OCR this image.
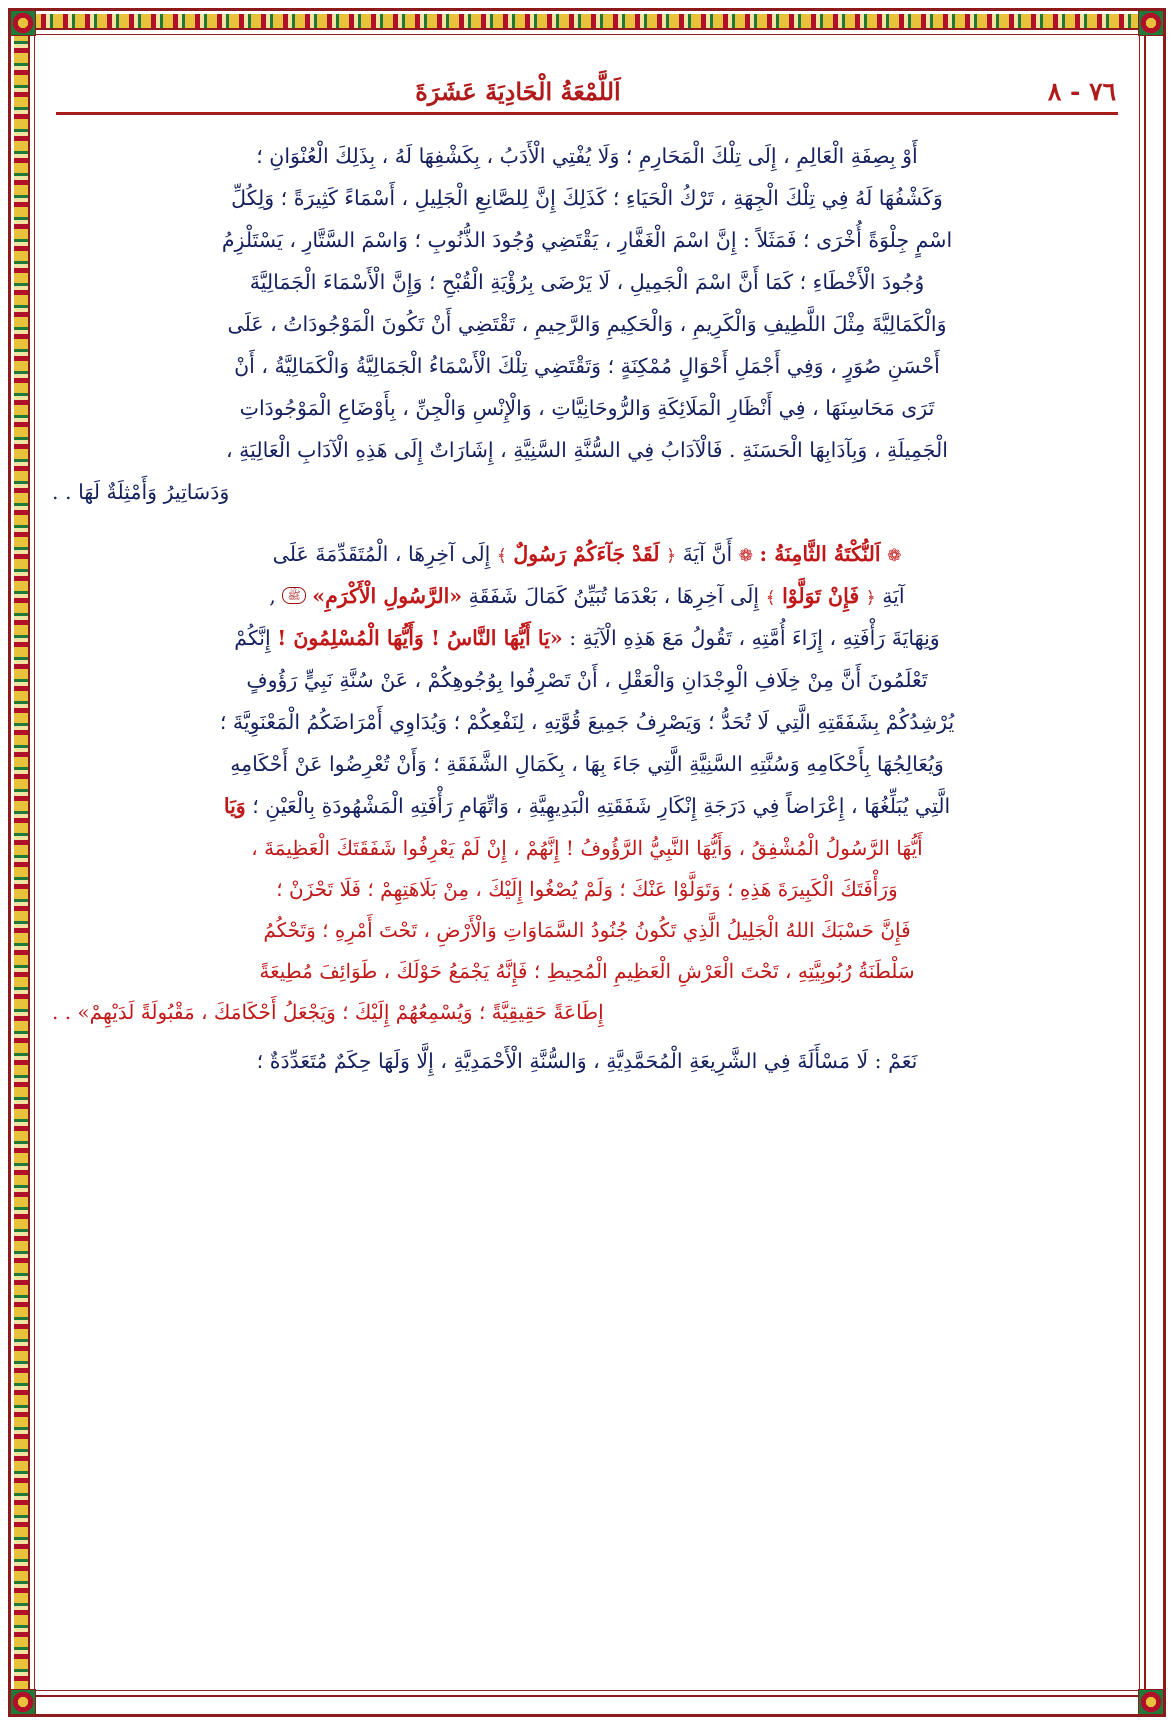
٧٦ - ٨
اَللَّمْعَةُ الْحَادِيَةَ عَشَرَةَ

أَوْ بِصِفَةِ الْعَالِمِ ، إِلَى تِلْكَ الْمَحَارِمِ ؛ وَلَا يُفْتِي الْأَدَبُ ، بِكَشْفِهَا لَهُ ، بِذَلِكَ الْعُنْوَانِ ؛

وَكَشْفُهَا لَهُ فِي تِلْكَ الْجِهَةِ ، تَرْكُ الْحَيَاءِ ؛ كَذَلِكَ إِنَّ لِلصَّانِعِ الْجَلِيلِ ، أَسْمَاءً كَثِيرَةً ؛ وَلِكُلِّ

اسْمٍ جِلْوَةً أُخْرَى ؛ فَمَثَلاً : إِنَّ اسْمَ الْغَفَّارِ ، يَقْتَضِي وُجُودَ الذُّنُوبِ ؛ وَاسْمَ السَّتَّارِ ، يَسْتَلْزِمُ

وُجُودَ الْأَخْطَاءِ ؛ كَمَا أَنَّ اسْمَ الْجَمِيلِ ، لَا يَرْضَى بِرُؤْيَةِ الْقُبْحِ ؛ وَإِنَّ الْأَسْمَاءَ الْجَمَالِيَّةَ

وَالْكَمَالِيَّةَ مِثْلَ اللَّطِيفِ وَالْكَرِيمِ ، وَالْحَكِيمِ وَالرَّحِيمِ ، تَقْتَضِي أَنْ تَكُونَ الْمَوْجُودَاتُ ، عَلَى

أَحْسَنِ صُوَرٍ ، وَفِي أَجْمَلِ أَحْوَالٍ مُمْكِنَةٍ ؛ وَتَقْتَضِي تِلْكَ الْأَسْمَاءُ الْجَمَالِيَّةُ وَالْكَمَالِيَّةُ ، أَنْ

تَرَى مَحَاسِنَهَا ، فِي أَنْظَارِ الْمَلَائِكَةِ وَالرُّوحَانِيَّاتِ ، وَالْإِنْسِ وَالْجِنِّ ، بِأَوْضَاعِ الْمَوْجُودَاتِ

الْجَمِيلَةِ ، وَبِآدَابِهَا الْحَسَنَةِ . فَالْآدَابُ فِي السُّنَّةِ السَّنِيَّةِ ، إِشَارَاتٌ إِلَى هَذِهِ الْآدَابِ الْعَالِيَةِ ،

وَدَسَاتِيرُ وَأَمْثِلَةٌ لَهَا . .

❁ اَلنُّكْتَةُ الثَّامِنَةُ : ❁ أَنَّ آيَةَ ﴿ لَقَدْ جَآءَكُمْ رَسُولٌ ﴾ إِلَى آخِرِهَا ، الْمُتَقَدِّمَةَ عَلَى

آيَةِ ﴿ فَإِنْ تَوَلَّوْا ﴾ إِلَى آخِرِهَا ، بَعْدَمَا تُبَيِّنُ كَمَالَ شَفَقَةِ «الرَّسُولِ الْأَكْرَمِ» ﷺ ,

وَنِهَايَةَ رَأْفَتِهِ ، إِزَاءَ أُمَّتِهِ ، تَقُولُ مَعَ هَذِهِ الْآيَةِ : «يَا أَيُّهَا النَّاسُ ! وَأَيُّهَا الْمُسْلِمُونَ ! إِنَّكُمْ

تَعْلَمُونَ أَنَّ مِنْ خِلَافِ الْوِجْدَانِ وَالْعَقْلِ ، أَنْ تَصْرِفُوا بِوُجُوهِكُمْ ، عَنْ سُنَّةِ نَبِيٍّ رَؤُوفٍ

يُرْشِدُكُمْ بِشَفَقَتِهِ الَّتِي لَا تُحَدُّ ؛ وَيَصْرِفُ جَمِيعَ قُوَّتِهِ ، لِنَفْعِكُمْ ؛ وَيُدَاوِي أَمْرَاضَكُمُ الْمَعْنَوِيَّةَ ؛

وَيُعَالِجُهَا بِأَحْكَامِهِ وَسُنَّتِهِ السَّنِيَّةِ الَّتِي جَاءَ بِهَا ، بِكَمَالِ الشَّفَقَةِ ؛ وَأَنْ تُعْرِضُوا عَنْ أَحْكَامِهِ

الَّتِي يُبَلِّغُهَا ، إِعْرَاضاً فِي دَرَجَةِ إِنْكَارِ شَفَقَتِهِ الْبَدِيهِيَّةِ ، وَاتِّهَامِ رَأْفَتِهِ الْمَشْهُودَةِ بِالْعَيْنِ ؛ وَيَا

أَيُّهَا الرَّسُولُ الْمُشْفِقُ ، وَأَيُّهَا النَّبِيُّ الرَّؤُوفُ ! إِنَّهُمْ ، إِنْ لَمْ يَعْرِفُوا شَفَقَتَكَ الْعَظِيمَةَ ،

وَرَأْفَتَكَ الْكَبِيرَةَ هَذِهِ ؛ وَتَوَلَّوْا عَنْكَ ؛ وَلَمْ يُصْغُوا إِلَيْكَ ، مِنْ بَلَاهَتِهِمْ ؛ فَلَا تَحْزَنْ ؛

فَإِنَّ حَسْبَكَ اللهُ الْجَلِيلُ الَّذِي تَكُونُ جُنُودُ السَّمَاوَاتِ وَالْأَرْضِ ، تَحْتَ أَمْرِهِ ؛ وَتَحْكُمُ

سَلْطَنَةُ رُبُوبِيَّتِهِ ، تَحْتَ الْعَرْشِ الْعَظِيمِ الْمُحِيطِ ؛ فَإِنَّهُ يَجْمَعُ حَوْلَكَ ، طَوَائِفَ مُطِيعَةً

إِطَاعَةً حَقِيقِيَّةً ؛ وَيُسْمِعُهُمْ إِلَيْكَ ؛ وَيَجْعَلُ أَحْكَامَكَ ، مَقْبُولَةً لَدَيْهِمْ» . .

نَعَمْ : لَا مَسْأَلَةَ فِي الشَّرِيعَةِ الْمُحَمَّدِيَّةِ ، وَالسُّنَّةِ الْأَحْمَدِيَّةِ ، إِلَّا وَلَهَا حِكَمٌ مُتَعَدِّدَةٌ ؛
